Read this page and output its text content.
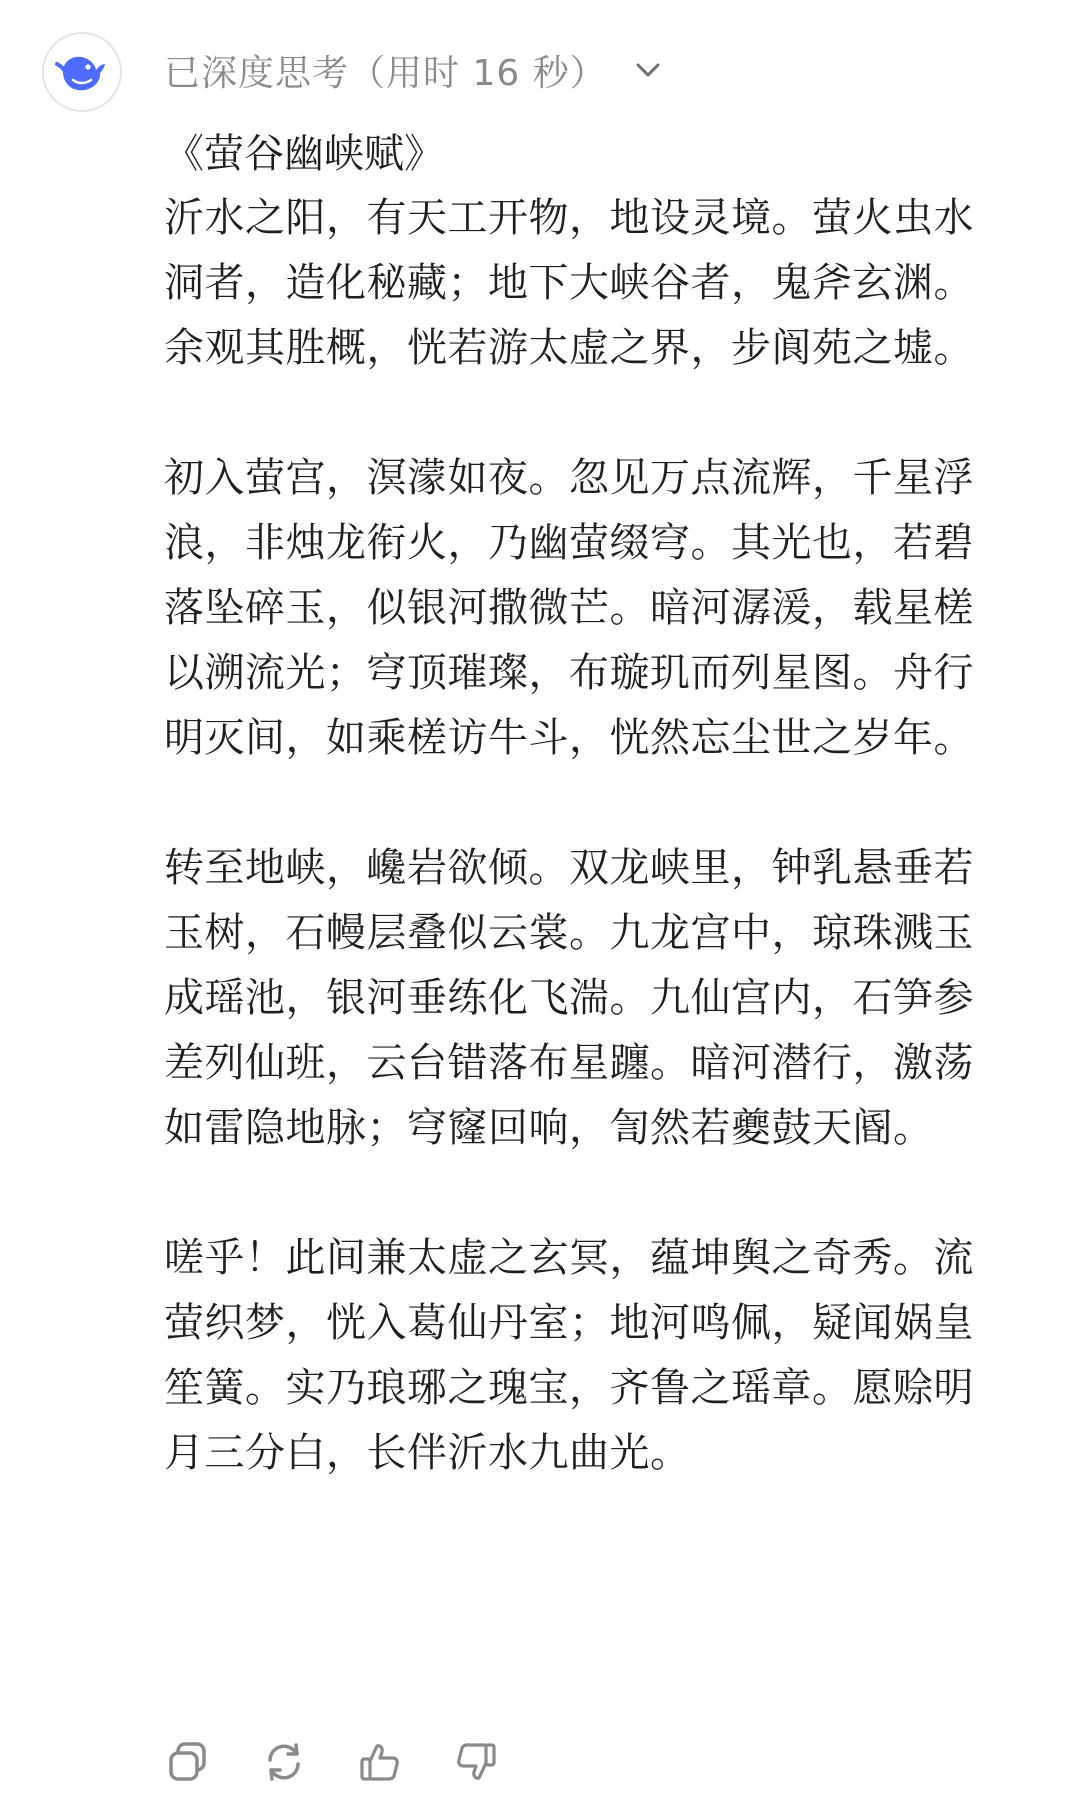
已深度思考（用时 16 秒）

《萤谷幽峡赋》

沂水之阳，有天工开物，地设灵境。萤火虫水洞者，造化秘藏；地下大峡谷者，鬼斧玄渊。余观其胜概，恍若游太虚之界，步阆苑之墟。

初入萤宫，溟濛如夜。忽见万点流辉，千星浮浪，非烛龙衔火，乃幽萤缀穹。其光也，若碧落坠碎玉，似银河撒微芒。暗河潺湲，载星槎以溯流光；穹顶璀璨，布璇玑而列星图。舟行明灭间，如乘槎访牛斗，恍然忘尘世之岁年。

转至地峡，巉岩欲倾。双龙峡里，钟乳悬垂若玉树，石幔层叠似云裳。九龙宫中，琼珠溅玉成瑶池，银河垂练化飞湍。九仙宫内，石笋参差列仙班，云台错落布星躔。暗河潜行，激荡如雷隐地脉；穹窿回响，訇然若夔鼓天阍。

嗟乎！此间兼太虚之玄冥，蕴坤舆之奇秀。流萤织梦，恍入葛仙丹室；地河鸣佩，疑闻娲皇笙簧。实乃琅琊之瑰宝，齐鲁之瑶章。愿赊明月三分白，长伴沂水九曲光。
